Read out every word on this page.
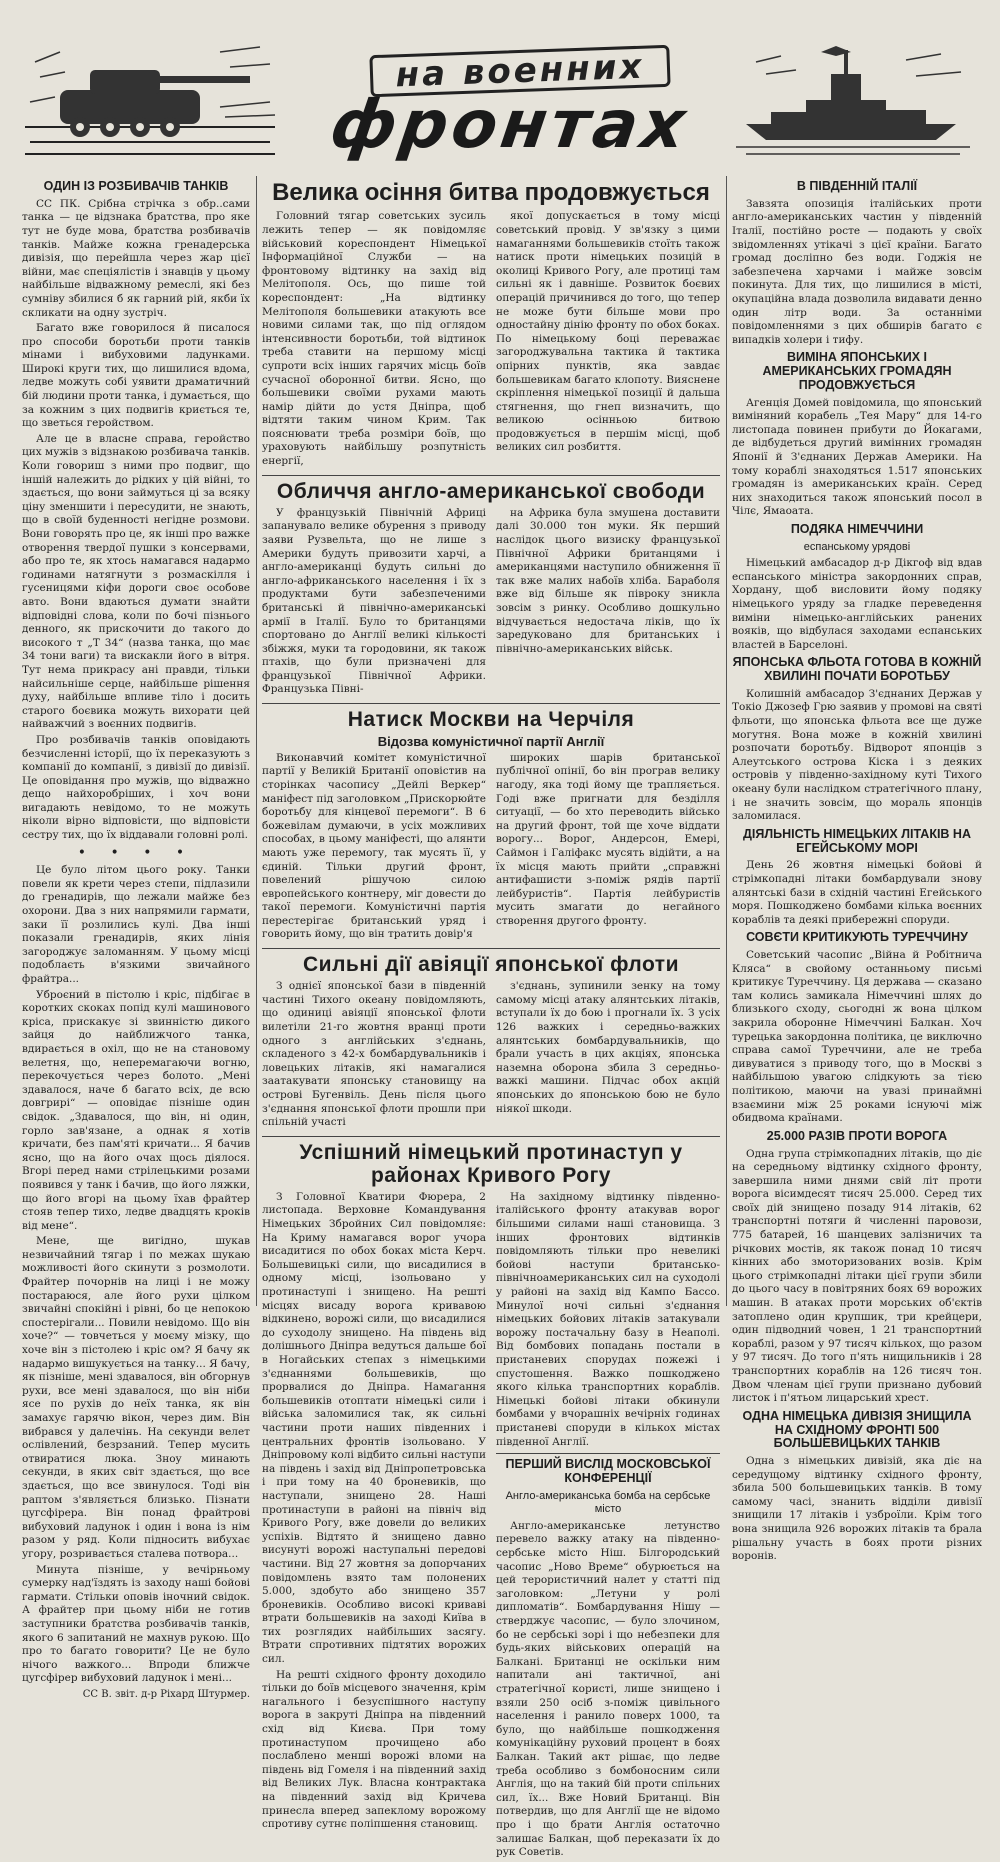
на военних
фронтах
ОДИН ІЗ РОЗБИВАЧІВ ТАНКІВ

СС ПК. Срібна стрічка з обр..сами танка — це відзнака братства, про яке тут не буде мова, братства розбивачів танків. Майже кожна гренадерська дивізія, що перейшла через жар цієї війни, має спеціялістів і знавців у цьому найбільше відважному ремеслі, які без сумніву збилися б як гарний рій, якби їх скликати на одну зустріч.

Багато вже говорилося й писалося про способи боротьби проти танків мінами і вибуховими ладунками. Широкі круги тих, що лишилися вдома, ледве можуть собі уявити драматичний бій людини проти танка, і думається, що за кожним з цих подвигів криється те, що зветься геройством.

Але це в власне справа, геройство цих мужів з відзнакою розбивача танків. Коли говориш з ними про подвиг, що іншій належить до рідких у цій війні, то здається, що вони займуться ці за всяку ціну зменшити і пересудити, не знають, що в своїй буденності негідне розмови. Вони говорять про це, як інші про важке отворення твердої пушки з консервами, або про те, як хтось намагався надармо годинами натягнути з розмаскілля і гусеницями кіфи дороги своє особове авто. Вони вдаються думати знайти відповідні слова, коли по бочі пізнього денного, як прискочити до такого до високого т „Т 34“ (назва танка, що має 34 тони ваги) та вискакли його в вітря. Тут нема прикрасу ані правди, тільки найсильніше серце, найбільше рішення духу, найбільше впливе тіло і досить старого боєвика можуть вихорати цей найважчий з воєнних подвигів.

Про розбивачів танків оповідають безчисленні історії, що їх переказують з компанії до компанії, з дивізії до дивізії. Це оповідання про мужів, що відважно дещо найхоробріших, і хоч вони вигадають невідомо, то не можуть ніколи вірно відповісти, що відповісти сестру тих, що їх віддавали головні ролі.

• • • •

Це було літом цього року. Танки повели як крети через степи, підлазили до гренадирів, що лежали майже без охорони. Два з них напрямили гармати, заки її розлились кулі. Два інші показали гренадирів, яких лінія загороджує заломанням. У цьому місці подоблаєть в'язкими звичайного фрайтра...

Уброєний в пістолю і кріс, підбігає в коротких скоках попід кулі машинового кріса, прискакує зі звинністю дикого зайця до найближчого танка, вдирається в охіл, що не на становому велетня, що, неперемагаючи вогню, перекочується через болото. „Мені здавалося, наче б багато всіх, де всю довгрирі“ — оповідає пізніше один свідок. „Здавалося, що він, ні один, горло зав'язане, а однак я хотів кричати, без пам'яті кричати... Я бачив ясно, що на його очах щось діялося. Вгорі перед нами стрілецькими розами появився у танк і бачив, що його ляжки, що його вгорі на цьому їхав фрайтер стояв тепер тихо, ледве двадцять кроків від мене“.

Мене, ще вигідно, шукав незвичайний тягар і по межах шукаю можливості його скинути з розмолоти. Фрайтер почорнів на лиці і не можу постараюся, але його рухи цілком звичайні спокійні і рівні, бо це непокою спостерігали... Повили невідомо. Що він хоче?“ — товчеться у моєму мізку, що хоче він з пістолею і кріс ом? Я бачу як надармо вишукується на танку... Я бачу, як пізніше, мені здавалося, він обгорнув рухи, все мені здавалося, що він ніби ясе по рухів до неїх танка, як він замахує гарячю вікон, через дим. Він вибрався у далечінь. На секунди велет ослівлений, безрзаний. Тепер мусить отвиратися люка. Зноу минають секунди, в яких світ здається, що все здається, що все звинулося. Тоді він раптом з'являється близько. Пізнати цугсфірера. Він понад фрайтрові вибуховий ладунок і один і вона із нім разом у ряд. Коли підносить вибухає угору, розривається сталева потвора...

Минута пізніше, у вечірньому сумерку над'їздять із заходу наші бойові гармати. Стільки оповів іночний свідок. А фрайтер при цьому ніби не готив заступники братства розбивачів танків, якого 6 запитаний не махнув рукою. Що про то багато говорити? Це не було нічого важкого... Впроди ближче цугсфірер вибуховий ладунок і мені...

СС В. звіт. д-р Ріхард Штурмер.
Велика осіння битва продовжується

Головний тягар советських зусиль лежить тепер — як повідомляє військовий кореспондент Німецької Інформаційної Служби — на фронтовому відтинку на захід від Мелітополя. Ось, що пише той кореспондент: „На відтинку Мелітополя большевики атакують все новими силами так, що під оглядом інтенсивности боротьби, той відтинок треба ставити на першому місці супроти всіх інших гарячих місць боїв сучасної оборонної битви. Ясно, що большевики своїми рухами мають намір дійти до устя Дніпра, щоб відтяти таким чином Крим. Так пояснювати треба розміри боїв, що ураховують найбільшу розпутність енергії,

якої допускається в тому місці советський провід. У зв'язку з цими намаганнями большевиків стоїть також натиск проти німецьких позицій в околиці Кривого Рогу, але протиці там сильні як і давніше. Розвиток боєвих операцій причинився до того, що тепер не може бути більше мови про одностайну дінію фронту по обох боках. По німецькому боці переважає загороджувальна тактика й тактика опірних пунктів, яка завдає большевикам багато клопоту. Вияснене скріплення німецької позиції й дальша стягнення, що гнеп визначить, що великою осінньою битвою продовжується в першім місці, щоб великих сил розбиття.

Обличчя англо-американської свободи

У французькій Північній Африці запанувало велике обурення з приводу заяви Рузвельта, що не лише з Америки будуть привозити харчі, а англо-американці будуть сильні до англо-африканського населення і їх з продуктами бути забезпеченими британські й північно-американські армії в Італії. Було то британцями спортовано до Англії великі кількості збіжжя, муки та городовини, як також птахів, що були призначені для французької Північної Африки. Французька Півні-

на Африка була змушена доставити далі 30.000 тон муки. Як перший наслідок цього визиску французької Північної Африки британцями і американцями наступило обниження її так вже малих набоїв хліба. Бараболя вже від більше як півроку зникла зовсім з ринку. Особливо дошкульно відчувається недостача ліків, що їх заредуковано для британських і північно-американських військ.

Натиск Москви на Черчіля
Відозва комуністичної партії Англії

Виконавчий комітет комуністичної партії у Великій Британії оповістив на сторінках часопису „Дейлі Веркер“ маніфест під заголовком „Прискорюйте боротьбу для кінцевої перемоги“. В 6 божевілам думаючи, в усіх можливих способах, в цьому маніфесті, що алянти мають уже перемогу, так мусять її, у єдиній. Тільки другий фронт, повелений рішучою силою европейського контнеру, міг довести до такої перемоги. Комуністичні партія перестерігає британський уряд і говорить йому, що він тратить довір'я

широких шарів британської публічної опінії, бо він програв велику нагоду, яка тоді йому ще трапляється. Годі вже пригнати для безділля ситуації, — бо хто переводить військо на другий фронт, той ще хоче віддати ворогу... Ворог, Андерсон, Емері, Саймон і Галіфакс мусять відійти, а на їх місця мають прийти „справжні антифашисти з-поміж рядів партії лейбуристів“. Партія лейбуристів мусить змагати до негайного створення другого фронту.

Сильні дії авіяції японської флоти

З однієї японської бази в південній частині Тихого океану повідомляють, що одиниці авіяції японської флоти вилетіли 21-го жовтня вранці проти одного з англійських з'єднань, складеного з 42-х бомбардувальників і ловецьких літаків, які намагалися заатакувати японську становищу на острові Бугенвіль. День після цього з'єднання японської флоти прошли при спільній участі

з'єднань, зупинили зенку на тому самому місці атаку алянтських літаків, вступали їх до бою і прогнали їх. З усіх 126 важких і середньо-важких алянтських бомбардувальників, що брали участь в цих акціях, японська наземна оборона збила 3 середньо-важкі машини. Підчас обох акцій японських до японською бою не було ніякої шкоди.

Успішний німецький протинаступ у районах Кривого Рогу

З Головної Кватири Фюрера, 2 листопада. Верховне Командування Німецьких Збройних Сил повідомляє: На Криму намагався ворог учора висадитися по обох боках міста Керч. Большевицькі сили, що висадилися в одному місці, ізольовано у протинаступі і знищено. На решті місцях висаду ворога кривавою відкинено, ворожі сили, що висадилися до суходолу знищено. На південь від долішнього Дніпра ведуться дальше бої в Ногайських степах з німецькими з'єднаннями большевиків, що прорвалися до Дніпра. Намагання большевиків отоптати німецькі сили і війська заломилися так, як сильні частини проти наших південних і центральних фронтів ізольовано. У Дніпровому колі відбито сильні наступи на південь і захід від Дніпропетровська і при тому на 40 броневиків, що наступали, знищено 28. Наші протинаступи в районі на північ від Кривого Рогу, вже довели до великих успіхів. Відтято й знищено давно висунуті ворожі наступальні передові частини. Від 27 жовтня за допорчаних повідомлень взято там полонених 5.000, здобуто або знищено 357 броневиків. Особливо високі криваві втрати большевиків на заході Київа в тих розглядих найбільших засягу. Втрати спротивних підтятих ворожих сил.

На решті східного фронту доходило тільки до боїв місцевого значення, крім нагального і безуспішного наступу ворога в закруті Дніпра на південний схід від Києва. При тому протинаступом прочищено або послаблено менші ворожі вломи на південь від Гомеля і на південний захід від Великих Лук. Власна контрактака на південний захід від Кричева принесла вперед запеклому ворожому спротиву сутнє поліпшення становищ.

На західному відтинку південно-італійського фронту атакував ворог більшими силами наші становища. З інших фронтових відтинків повідомляють тільки про невеликі бойові наступи британсько-північноамериканських сил на суходолі у районі на захід від Кампо Бассо. Минулої ночі сильні з'єднання німецьких бойових літаків затакували ворожу постачальну базу в Неаполі. Від бомбових попадань постали в пристаневих спорудах пожежі і спустошення. Важко пошкоджено якого кілька транспортних кораблів. Німецькі бойові літаки обкинули бомбами у вчорашніх вечірніх годинах пристаневі споруди в кількох містах південної Англії.

ПЕРШИЙ ВИСЛІД МОСКОВСЬКОЇ КОНФЕРЕНЦІЇ
Англо-американська бомба на сербське місто

Англо-американське летунство перевело важку атаку на південно-сербське місто Ніш. Білгородський часопис „Ново Време“ обурюється на цей терористичний налет у статті під заголовком: „Летуни у ролі дипломатів“. Бомбардування Нішу — стверджує часопис, — було злочином, бо не сербські зорі і що небезпеки для будь-яких військових операцій на Балкані. Британці не оскільки ним напитали ані тактичної, ані стратегічної користі, лише знищено і взяли 250 осіб з-поміж цивільного населення і ранило поверх 1000, та було, що найбільше пошкодження комунікаційну руховий процент в боях Балкан. Такий акт рішає, що ледве треба особливо з бомбоносним сили Англія, що на такий бій проти спільних сил, їх... Вже Новий Британці. Він потвердив, що для Англії ще не відомо про і що брати Англія остаточно залишає Балкан, щоб переказати їх до рук Советів.

В ПІВДЕННІЙ ІТАЛІЇ

Завзята опозиція італійських проти англо-американських частин у південній Італії, постійно росте — подають у своїх звідомленнях утікачі з цієї країни. Багато громад досліпно без води. Годжія не забезпечена харчами і майже зовсім покинута. Для тих, що лишилися в місті, окупаційна влада дозволила видавати денно один літр води. За останніми повідомленнями з цих обширів багато є випадків холери і тифу.

ВИМІНА ЯПОНСЬКИХ І АМЕРИКАНСЬКИХ ГРОМАДЯН ПРОДОВЖУЄТЬСЯ

Агенція Домей повідомила, що японський виміняний корабель „Тея Мару“ для 14-го листопада повинен прибути до Йокагами, де відбудеться другий вимінних громадян Японії й З'єднаних Держав Америки. На тому кораблі знаходяться 1.517 японських громадян із американських країн. Серед них знаходиться також японський посол в Чілє, Ямаоата.

ПОДЯКА НІМЕЧЧИНИ
еспанському урядові

Німецький амбасадор д-р Дікгоф від вдав еспанського міністра закордонних справ, Хордану, щоб висловити йому подяку німецького уряду за гладке переведення виміни німецько-англійських ранених вояків, що відбулася заходами еспанських властей в Барселоні.

ЯПОНСЬКА ФЛЬОТА ГОТОВА В КОЖНІЙ ХВИЛИНІ ПОЧАТИ БОРОТЬБУ

Колишній амбасадор З'єднаних Держав у Токіо Джозеф Грю заявив у промові на святі фльоти, що японська фльота все ще дуже могутня. Вона може в кожній хвилині розпочати боротьбу. Відворот японців з Алеутського острова Кіска і з деяких островів у південно-західному куті Тихого океану були наслідком стратегічного плану, і не значить зовсім, що мораль японців заломилася.

ДІЯЛЬНІСТЬ НІМЕЦЬКИХ ЛІТАКІВ НА ЕГЕЙСЬКОМУ МОРІ

День 26 жовтня німецькі бойові й стрімкопадні літаки бомбардували знову алянтські бази в східній частині Егейського моря. Пошкоджено бомбами кілька воєнних кораблів та деякі прибережні споруди.

СОВЄТИ КРИТИКУЮТЬ ТУРЕЧЧИНУ

Советський часопис „Війна й Робітнича Кляса“ в свойому останньому письмі критикує Туреччину. Ця держава — сказано там колись замикала Німеччині шлях до близького сходу, сьогодні ж вона цілком закрила оборонне Німеччині Балкан. Хоч турецька закордонна політика, це виключно справа самої Туреччини, але не треба дивуватися з приводу того, що в Москві з найбільшою увагою слідкують за тією політикою, маючи на увазі принаймні взаємини між 25 роками існуючі між обидвома країнами.

25.000 РАЗІВ ПРОТИ ВОРОГА

Одна група стрімкопадних літаків, що діє на середньому відтинку східного фронту, завершила ними днями свій літ проти ворога вісимдесят тисяч 25.000. Серед тих своїх дій знищено позаду 914 літаків, 62 транспортні потяги й численні паровози, 775 батарей, 16 шанцевих залізничих та річкових мостів, як також понад 10 тисяч кінних або змоторизованих возів. Крім цього стрімкопадні літаки цієї групи збили до цього часу в повітряних боях 69 ворожих машин. В атаках проти морських об'єктів затоплено один крупшик, три крейцери, один підводний човен, 1 21 транспортний кораблі, разом у 97 тисяч кількох, що разом у 97 тисяч. До того п'ять нищильників і 28 транспортних кораблів на 126 тисяч тон. Двом членам цієї групи признано дубовий листок і п'ятьом лицарський хрест.

ОДНА НІМЕЦЬКА ДИВІЗІЯ ЗНИЩИЛА НА СХІДНОМУ ФРОНТІ 500 БОЛЬШЕВИЦЬКИХ ТАНКІВ

Одна з німецьких дивізій, яка діє на середущому відтинку східного фронту, збила 500 большевицьких танків. В тому самому часі, знанить відділи дивізії знищили 17 літаків і узброїли. Крім того вона знищила 926 ворожих літаків та брала рішальну участь в боях проти різних воронів.
